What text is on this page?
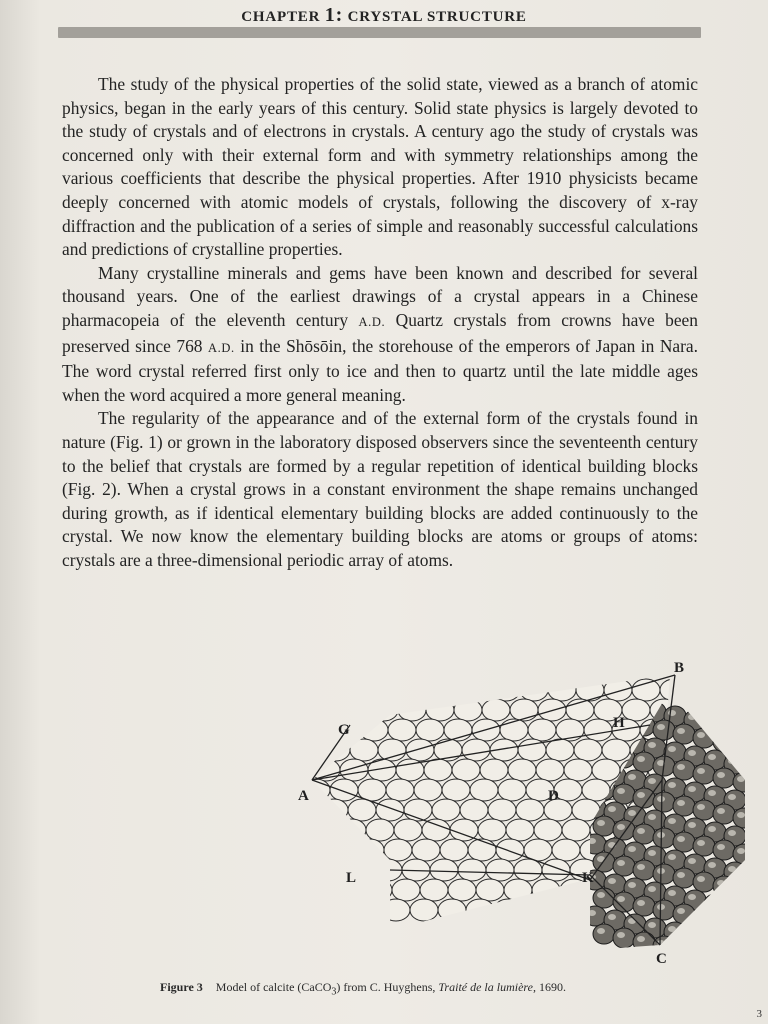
CHAPTER 1: CRYSTAL STRUCTURE

The study of the physical properties of the solid state, viewed as a branch of atomic physics, began in the early years of this century. Solid state physics is largely devoted to the study of crystals and of electrons in crystals. A century ago the study of crystals was concerned only with their external form and with symmetry relationships among the various coefficients that describe the physical properties. After 1910 physicists became deeply concerned with atomic models of crystals, following the discovery of x-ray diffraction and the publication of a series of simple and reasonably successful calculations and predictions of crystalline properties.

Many crystalline minerals and gems have been known and described for several thousand years. One of the earliest drawings of a crystal appears in a Chinese pharmacopeia of the eleventh century A.D. Quartz crystals from crowns have been preserved since 768 A.D. in the Shōsōin, the storehouse of the emperors of Japan in Nara. The word crystal referred first only to ice and then to quartz until the late middle ages when the word acquired a more general meaning.

The regularity of the appearance and of the external form of the crystals found in nature (Fig. 1) or grown in the laboratory disposed observers since the seventeenth century to the belief that crystals are formed by a regular repetition of identical building blocks (Fig. 2). When a crystal grows in a constant environment the shape remains unchanged during growth, as if identical elementary building blocks are added continuously to the crystal. We now know the elementary building blocks are atoms or groups of atoms: crystals are a three-dimensional periodic array of atoms.

B
G	H
A	D
L	K
C
Figure 3 Model of calcite (CaCO$_3$) from C. Huyghens, Traité de la lumière, 1690.
3
